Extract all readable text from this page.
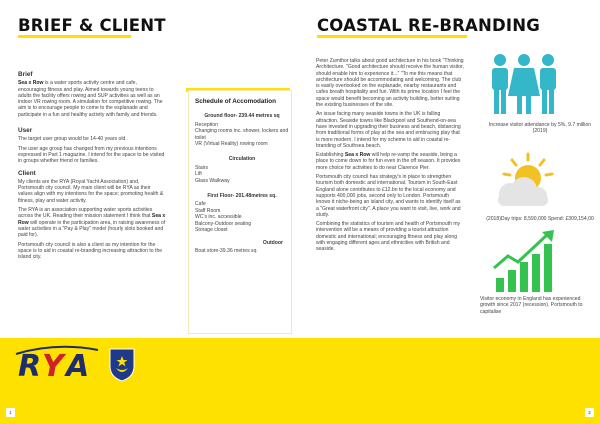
BRIEF & CLIENT
Brief

Sea x Row is a water sports activity centre and cafe, encouraging fitness and play. Aimed towards young teens to adults the facility offers rowing and SUP activities as well as an indoor VR rowing room. A simulation for competitive rowing. The aim is to encourage people to come to the esplanade and participate in a fun and healthy activity with family and friends.

User

The target user group would be 14-40 years old.

The user age group has changed from my previous intentions expressed in Part 1 magazine. I intend for the space to be visited in groups whether friend or families.

Client

My clients are the RYA (Royal Yacht Association) and, Portsmouth city council. My main client will be RYA as their values align with my intentions for the space; promoting health & fitness, play and water activity.

The RYA is an association supporting water sports activities across the UK. Reading their mission statement I think that Sea x Row will operate in the participation area, in raising awareness of water activities in a "Pay & Play" model (hourly slots booked and paid for).

Portsmouth city council is also a client as my intention for the space is to aid in coastal re-branding increasing attraction to the island city.

Schedule of Accomodation
Ground floor- 239.44 metres sq
Reception
Changing rooms inc. shower, lockers and toilet
VR (Virtual Reality) rowing room
Circulation
Stairs
Lift
Glass Walkway
First Floor- 201.48metres sq.
Cafe
Staff Room
WC's inc. accessible
Balcony-Outdoor seating
Storage closet
Outdoor
Boat store-39.36 metres sq
COASTAL RE-BRANDING

Peter Zumthor talks about good architecture in his book "Thinking Architecture. "Good architecture should receive the human visitor, should enable him to experience it..." "To me this means that architecture should be accommodating and welcoming. The club is easily overlooked on the esplanade, nearby restaurants and cafes breath hospitality and fun. With its prime location I feel the space would benefit becoming an activity building, better suiting the existing businesses of the site.

An issue facing many seaside towns in the UK is falling attraction. Seaside towns like Blackpool and Southend-on-sea have invested in upgrading their business and beach, distancing from traditional forms of play at the sea and embracing play that is more modern. I intend for my scheme to aid in coastal re-branding of Southsea beach.

Establishing Sea x Row will help re-vamp the seaside, being a place to come down to for fun even in the off season. It provides more choice for activities to do near Clarence Pier.

Portsmouth city council has strategy's in place to strengthen tourism both domestic and international. Tourism in South-East England alone contributes to £12.bn to the local economy and supports 400,000 jobs, second only to London. Portsmouth knows it niche-being an island city, and wants to identify itself as a "Great waterfront city". A place you want to visit, live, work and study.

Combining the statistics of tourism and health of Portsmouth my intervention will be a means of providing a tourist attraction domestic and international; encouraging fitness and play along with engaging different ages and ethnicities with British and seaside.

Increase visitor attendance by 5%, 9.7 million (2019)
(2018)Day trips: 8,590,000 Spend: £309,154,00
Visitor economy in England has experienced growth since 2017 (recession). Portsmouth to capitalise
1	2
R Y A
